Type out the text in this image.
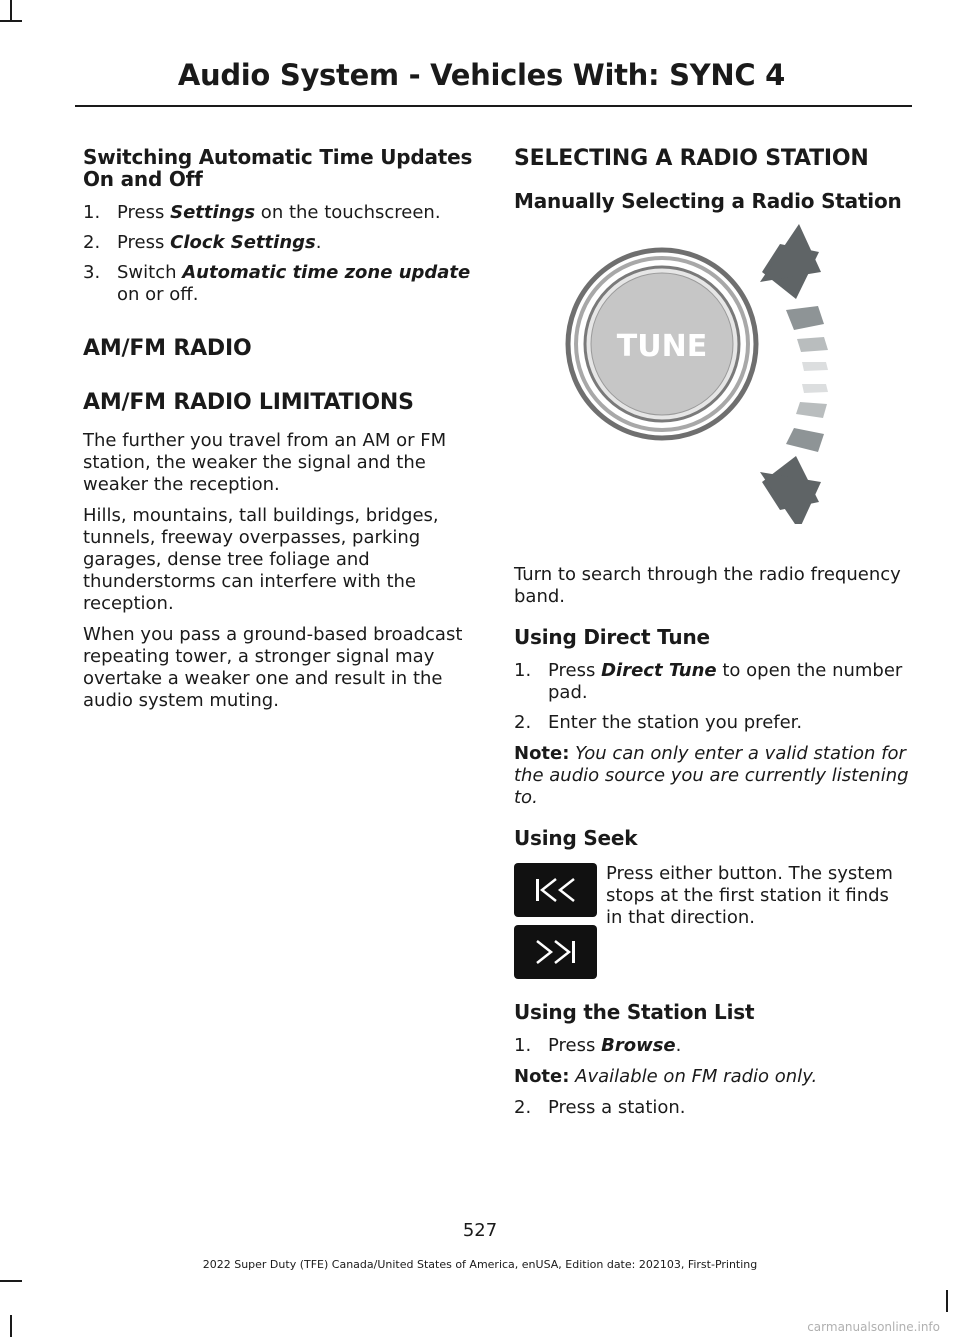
Audio System - Vehicles With: SYNC 4
Switching Automatic Time Updates On and Off
1. Press Settings on the touchscreen.
2. Press Clock Settings.
3. Switch Automatic time zone update on or off.
AM/FM RADIO
AM/FM RADIO LIMITATIONS

The further you travel from an AM or FM station, the weaker the signal and the weaker the reception.

Hills, mountains, tall buildings, bridges, tunnels, freeway overpasses, parking garages, dense tree foliage and thunderstorms can interfere with the reception.

When you pass a ground-based broadcast repeating tower, a stronger signal may overtake a weaker one and result in the audio system muting.

SELECTING A RADIO STATION
Manually Selecting a Radio Station
TUNE

Turn to search through the radio frequency band.

Using Direct Tune
1. Press Direct Tune to open the number pad.
2. Enter the station you prefer.

Note: You can only enter a valid station for the audio source you are currently listening to.

Using Seek

Press either button. The system stops at the first station it finds in that direction.

Using the Station List
1. Press Browse.

Note: Available on FM radio only.

2. Press a station.
527
2022 Super Duty (TFE) Canada/United States of America, enUSA, Edition date: 202103, First-Printing
carmanualsonline.info
